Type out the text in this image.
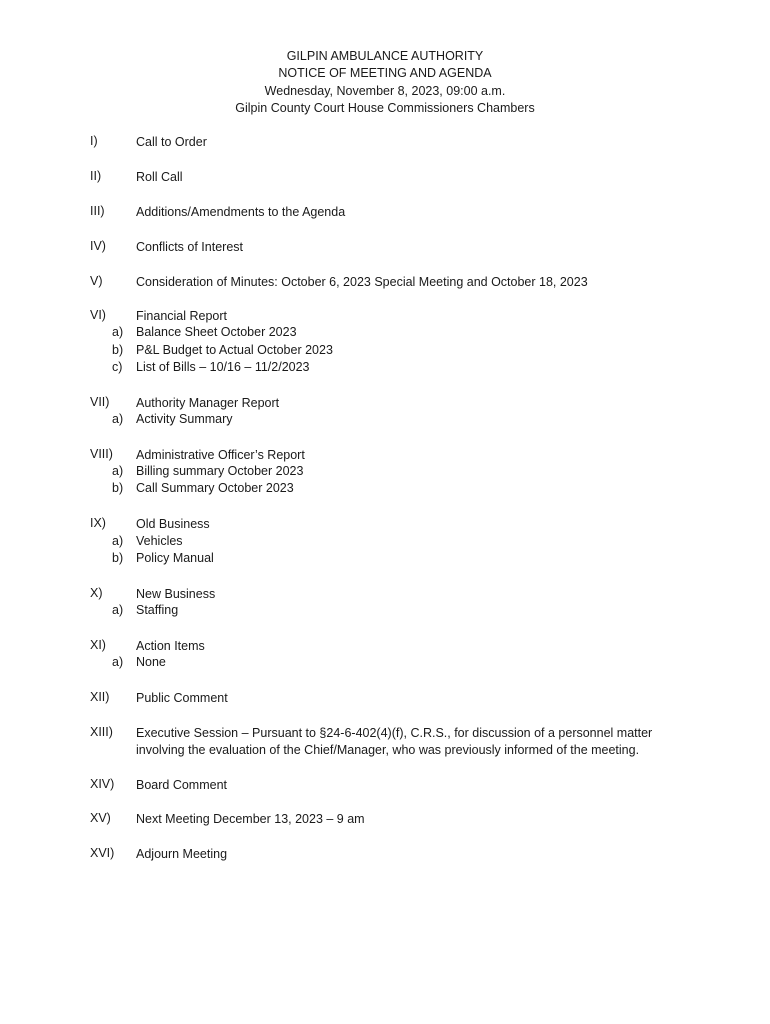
GILPIN AMBULANCE AUTHORITY
NOTICE OF MEETING AND AGENDA
Wednesday, November 8, 2023, 09:00 a.m.
Gilpin County Court House Commissioners Chambers
I)	Call to Order
II)	Roll Call
III)	Additions/Amendments to the Agenda
IV) Conflicts of Interest
V)	Consideration of Minutes: October 6, 2023 Special Meeting and October 18, 2023
VI) Financial Report
a) Balance Sheet October 2023
b) P&L Budget to Actual October 2023
c) List of Bills – 10/16 – 11/2/2023
VII) Authority Manager Report
a) Activity Summary
VIII) Administrative Officer’s Report
a) Billing summary October 2023
b) Call Summary October 2023
IX) Old Business
a) Vehicles
b) Policy Manual
X)	New Business
a) Staffing
XI) Action Items
a) None
XII) Public Comment
XIII) Executive Session – Pursuant to §24-6-402(4)(f), C.R.S., for discussion of a personnel matter
involving the evaluation of the Chief/Manager, who was previously informed of the meeting.
XIV) Board Comment
XV) Next Meeting December 13, 2023 – 9 am
XVI) Adjourn Meeting
